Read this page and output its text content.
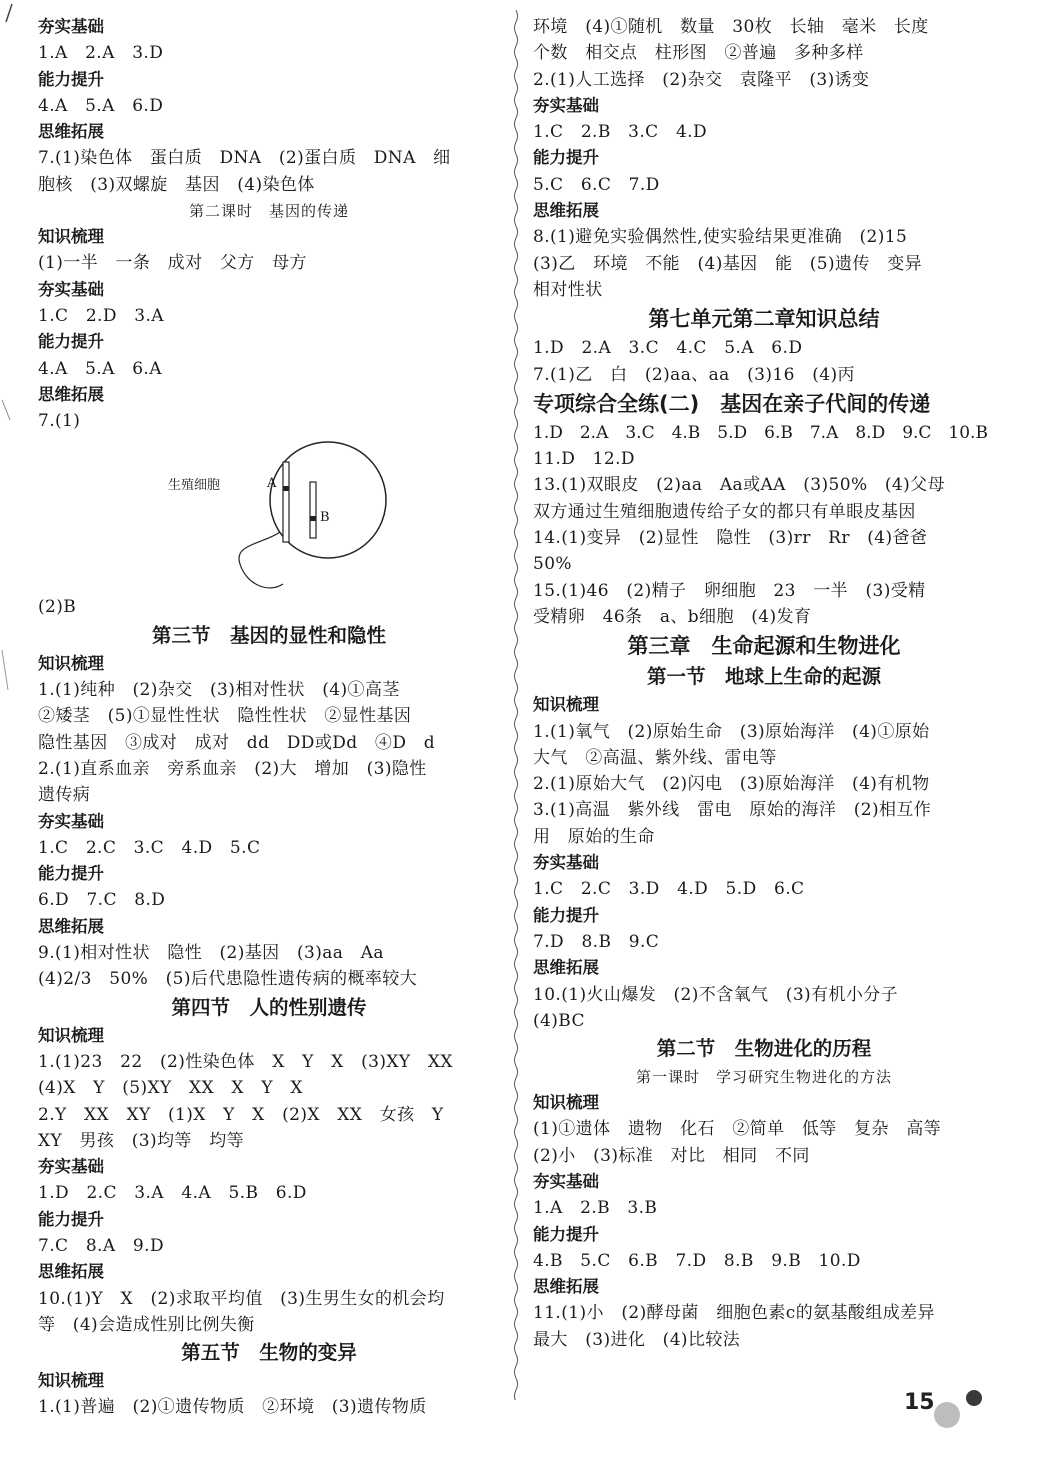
夯实基础
1.A　2.A　3.D
能力提升
4.A　5.A　6.D
思维拓展
7.(1)染色体　蛋白质　DNA　(2)蛋白质　DNA　细
胞核　(3)双螺旋　基因　(4)染色体
第二课时　基因的传递
知识梳理
(1)一半　一条　成对　父方　母方
夯实基础
1.C　2.D　3.A
能力提升
4.A　5.A　6.A
思维拓展
7.(1)
生殖细胞	A
B
(2)B
第三节　基因的显性和隐性
知识梳理
1.(1)纯种　(2)杂交　(3)相对性状　(4)①高茎
②矮茎　(5)①显性性状　隐性性状　②显性基因
隐性基因　③成对　成对　dd　DD或Dd　④D　d
2.(1)直系血亲　旁系血亲　(2)大　增加　(3)隐性
遗传病
夯实基础
1.C　2.C　3.C　4.D　5.C
能力提升
6.D　7.C　8.D
思维拓展
9.(1)相对性状　隐性　(2)基因　(3)aa　Aa
(4)2/3　50%　(5)后代患隐性遗传病的概率较大
第四节　人的性别遗传
知识梳理
1.(1)23　22　(2)性染色体　X　Y　X　(3)XY　XX
(4)X　Y　(5)XY　XX　X　Y　X
2.Y　XX　XY　(1)X　Y　X　(2)X　XX　女孩　Y
XY　男孩　(3)均等　均等
夯实基础
1.D　2.C　3.A　4.A　5.B　6.D
能力提升
7.C　8.A　9.D
思维拓展
10.(1)Y　X　(2)求取平均值　(3)生男生女的机会均
等　(4)会造成性别比例失衡
第五节　生物的变异
知识梳理
1.(1)普遍　(2)①遗传物质　②环境　(3)遗传物质
环境　(4)①随机　数量　30枚　长轴　毫米　长度
个数　相交点　柱形图　②普遍　多种多样
2.(1)人工选择　(2)杂交　袁隆平　(3)诱变
夯实基础
1.C　2.B　3.C　4.D
能力提升
5.C　6.C　7.D
思维拓展
8.(1)避免实验偶然性,使实验结果更准确　(2)15
(3)乙　环境　不能　(4)基因　能　(5)遗传　变异
相对性状
第七单元第二章知识总结
1.D　2.A　3.C　4.C　5.A　6.D
7.(1)乙　白　(2)aa、aa　(3)16　(4)丙
专项综合全练(二)　基因在亲子代间的传递
1.D　2.A　3.C　4.B　5.D　6.B　7.A　8.D　9.C　10.B
11.D　12.D
13.(1)双眼皮　(2)aa　Aa或AA　(3)50%　(4)父母
双方通过生殖细胞遗传给子女的都只有单眼皮基因
14.(1)变异　(2)显性　隐性　(3)rr　Rr　(4)爸爸
50%
15.(1)46　(2)精子　卵细胞　23　一半　(3)受精
受精卵　46条　a、b细胞　(4)发育
第三章　生命起源和生物进化
第一节　地球上生命的起源
知识梳理
1.(1)氧气　(2)原始生命　(3)原始海洋　(4)①原始
大气　②高温、紫外线、雷电等
2.(1)原始大气　(2)闪电　(3)原始海洋　(4)有机物
3.(1)高温　紫外线　雷电　原始的海洋　(2)相互作
用　原始的生命
夯实基础
1.C　2.C　3.D　4.D　5.D　6.C
能力提升
7.D　8.B　9.C
思维拓展
10.(1)火山爆发　(2)不含氧气　(3)有机小分子
(4)BC
第二节　生物进化的历程
第一课时　学习研究生物进化的方法
知识梳理
(1)①遗体　遗物　化石　②简单　低等　复杂　高等
(2)小　(3)标准　对比　相同　不同
夯实基础
1.A　2.B　3.B
能力提升
4.B　5.C　6.B　7.D　8.B　9.B　10.D
思维拓展
11.(1)小　(2)酵母菌　细胞色素c的氨基酸组成差异
最大　(3)进化　(4)比较法
15
